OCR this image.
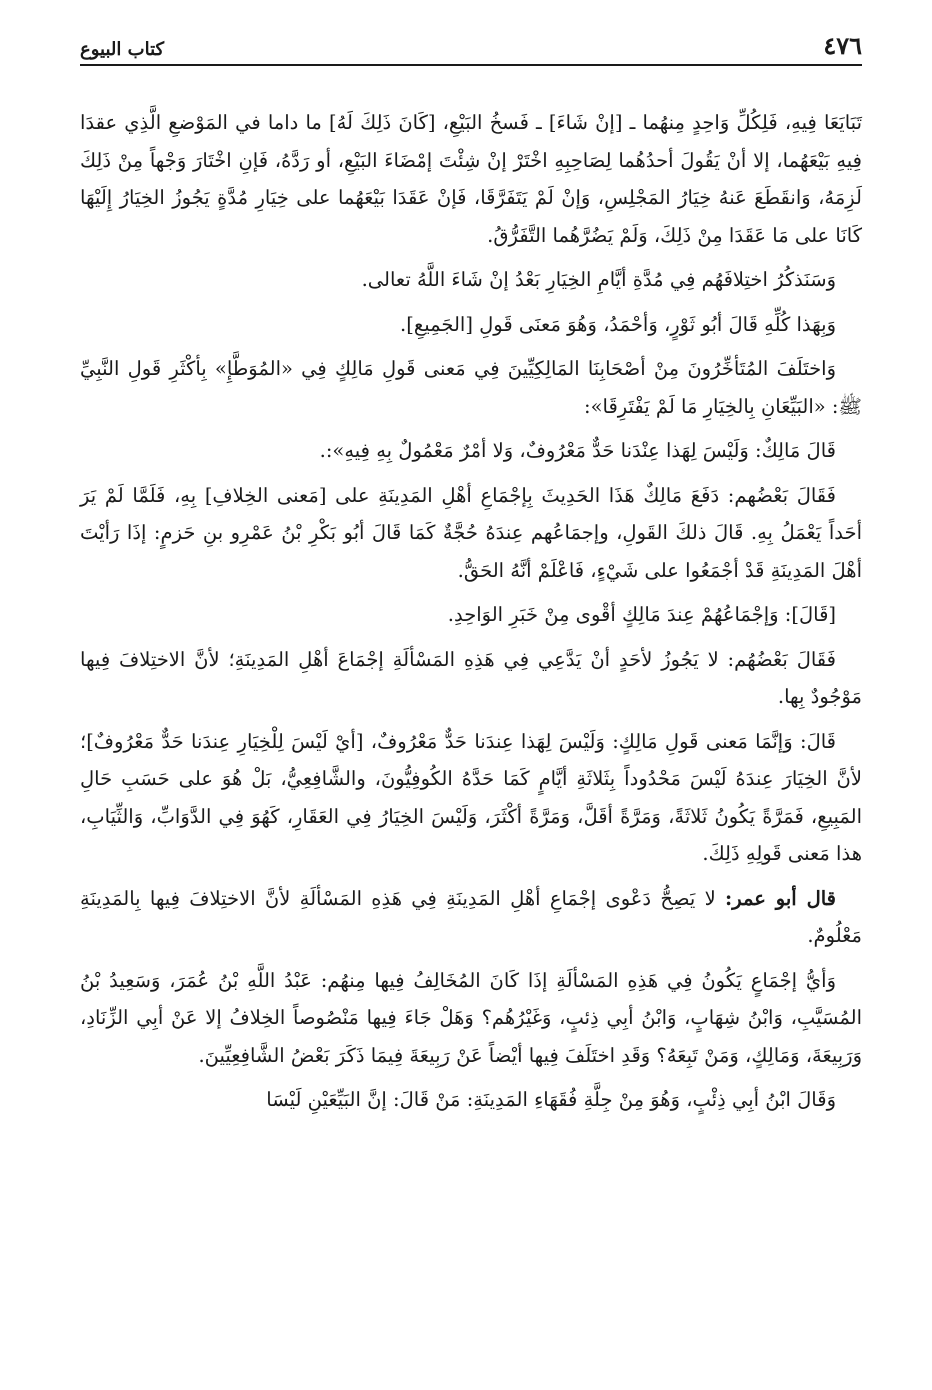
٤٧٦
كتاب البيوع

تَبَايَعَا فِيهِ، فَلِكُلِّ وَاحِدٍ مِنهُما ـ [إنْ شَاءَ] ـ فَسخُ البَيْعِ، [كَانَ ذَلِكَ لَهُ] ما داما في المَوْضعِ الَّذِي عقدَا فِيهِ بَيْعَهُما، إلا أنْ يَقُولَ أحدُهُما لِصَاحِبِهِ اخْتَرْ إنْ شِئْتَ إمْضَاءَ البَيْعِ، أو رَدَّهُ، فَإنِ اخْتَارَ وَجْهاً مِنْ ذَلِكَ لَزِمَهُ، وَانقَطَعَ عَنهُ خِيَارُ المَجْلِسِ، وَإنْ لَمْ يَتَفَرَّقَا، فَإنْ عَقَدَا بَيْعَهُما على خِيَارِ مُدَّةٍ يَجُوزُ الخِيَارُ إِلَيْهَا كَانَا على مَا عَقَدَا مِنْ ذَلِكَ، وَلَمْ يَضُرَّهُما التَّفَرُّقُ.

وَسَنَذكُرُ اختِلافَهُم فِي مُدَّةِ أيَّامِ الخِيَارِ بَعْدُ إنْ شَاءَ اللَّهُ تعالى.

وَبِهَذا كُلِّهِ قَالَ أبُو ثَوْرٍ، وَأحْمَدُ، وَهُوَ مَعنَى قَولِ [الجَمِيعِ].

وَاختَلَفَ المُتَأخِّرُونَ مِنْ أصْحَابِنَا المَالِكِيِّينَ فِي مَعنى قَولِ مَالِكٍ فِي «المُوَطَّإِ» بِأكْثَرِ قَولِ النَّبِيِّ ﷺ: «البَيِّعَانِ بِالخِيَارِ مَا لَمْ يَفْتَرِقَا»:

قَالَ مَالِكٌ: وَلَيْسَ لِهَذا عِنْدَنا حَدٌّ مَعْرُوفٌ، وَلا أمْرٌ مَعْمُولٌ بِهِ فِيهِ»:.

فَقَالَ بَعْضُهم: دَفَعَ مَالِكٌ هَذَا الحَدِيثَ بِإجْمَاعِ أهْلِ المَدِينَةِ على [مَعنى الخِلافِ] بِهِ، فَلَمَّا لَمْ يَرَ أحَداً يَعْمَلُ بِهِ. قَالَ ذلكَ القَولِ، وإجمَاعُهم عِندَهُ حُجَّةٌ كَمَا قَالَ أبُو بَكْرِ بْنُ عَمْرِو بنِ حَزمٍ: إذَا رَأيْتَ أهْلَ المَدِينَةِ قَدْ أجْمَعُوا على شَيْءٍ، فَاعْلَمْ أنَّهُ الحَقُّ.

[قَالَ]: وَإجْمَاعُهُمْ عِندَ مَالِكٍ أقْوى مِنْ خَبَرِ الوَاحِدِ.

فَقَالَ بَعْضُهُم: لا يَجُوزُ لأحَدٍ أنْ يَدَّعِي فِي هَذِهِ المَسْألَةِ إجْمَاعَ أهْلِ المَدِينَةِ؛ لأنَّ الاختِلافَ فِيها مَوْجُودٌ بِها.

قَالَ: وَإنَّمَا مَعنى قَولِ مَالِكٍ: وَلَيْسَ لِهَذا عِندَنا حَدٌّ مَعْرُوفٌ، [أيْ لَيْسَ لِلْخِيَارِ عِندَنا حَدٌّ مَعْرُوفٌ]؛ لأنَّ الخِيَارَ عِندَهُ لَيْسَ مَحْدُوداً بِثَلاثَةِ أيَّامٍ كَمَا حَدَّهُ الكُوفِيُّونَ، والشَّافِعِيُّ، بَلْ هُوَ على حَسَبِ حَالِ المَبِيعِ، فَمَرَّةً يَكُونُ ثَلاثَةً، وَمَرَّةً أقَلَّ، وَمَرَّةً أكْثَرَ، وَلَيْسَ الخِيَارُ فِي العَقَارِ، كَهُوَ فِي الدَّوَابِّ، وَالثِّيَابِ، هذا مَعنى قَولِهِ ذَلِكَ.

قال أبو عمر: لا يَصِحُّ دَعْوى إجْمَاعِ أهْلِ المَدِينَةِ فِي هَذِهِ المَسْألَةِ لأنَّ الاختِلافَ فِيها بِالمَدِينَةِ مَعْلُومٌ.

وَأيُّ إجْمَاعٍ يَكُونُ فِي هَذِهِ المَسْألَةِ إذَا كَانَ المُخَالِفُ فِيها مِنهُم: عَبْدُ اللَّهِ بْنُ عُمَرَ، وَسَعِيدُ بْنُ المُسَيَّبِ، وَابْنُ شِهَابٍ، وَابْنُ أبِي ذِئبٍ، وَغَيْرُهُم؟ وَهَلْ جَاءَ فِيها مَنْصُوصاً الخِلافُ إلا عَنْ أبِي الزِّنَادِ، وَرَبِيعَةَ، وَمَالِكٍ، وَمَنْ تَبِعَهُ؟ وَقَدِ اختَلَفَ فِيها أيْضاً عَنْ رَبِيعَةَ فِيمَا ذَكَرَ بَعْضُ الشَّافِعِيِّينَ.

وَقَالَ ابْنُ أبِي ذِئْبٍ، وَهُوَ مِنْ جِلَّةِ فُقَهَاءِ المَدِينَةِ: مَنْ قَالَ: إنَّ البَيِّعَيْنِ لَيْسَا
